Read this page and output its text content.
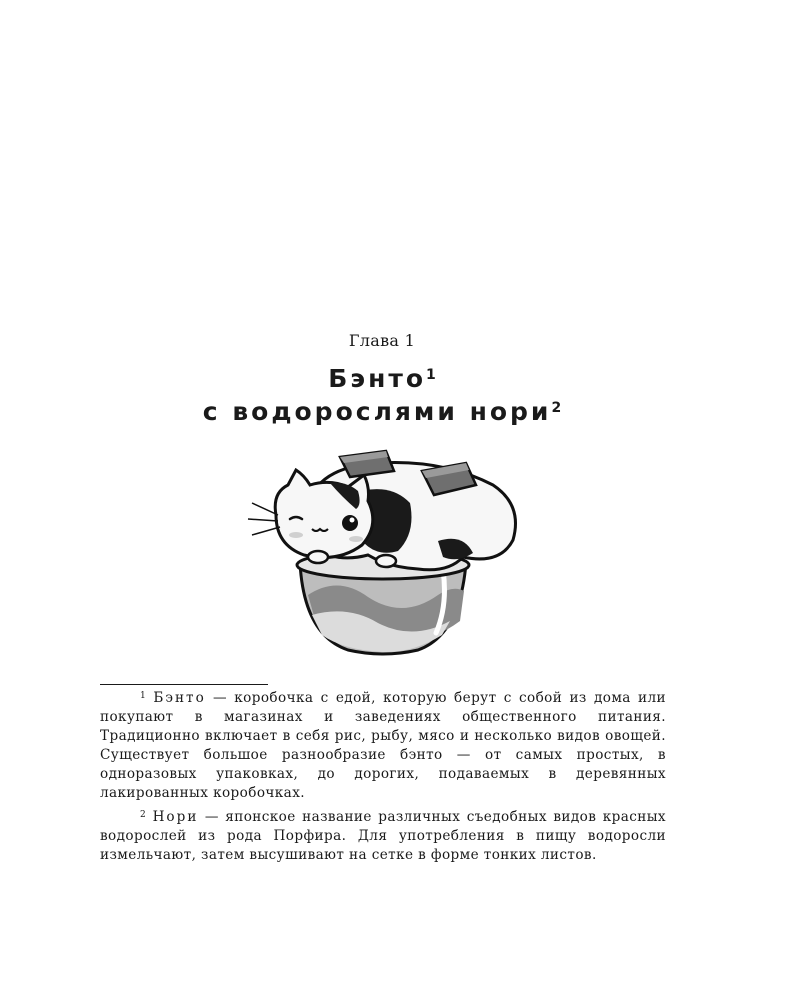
Глава 1
Бэнто$^1$
с водорослями нори$^2$

$^1$ Бэнто — коробочка с едой, которую берут с собой из дома или покупают в магазинах и заведениях общественного питания. Традиционно включает в себя рис, рыбу, мясо и несколько видов овощей. Существует большое разнообразие бэнто — от самых простых, в одноразовых упаковках, до дорогих, подаваемых в деревянных лакированных коробочках.

$^2$ Нори — японское название различных съедобных видов красных водорослей из рода Порфира. Для употребления в пищу водоросли измельчают, затем высушивают на сетке в форме тонких листов.
